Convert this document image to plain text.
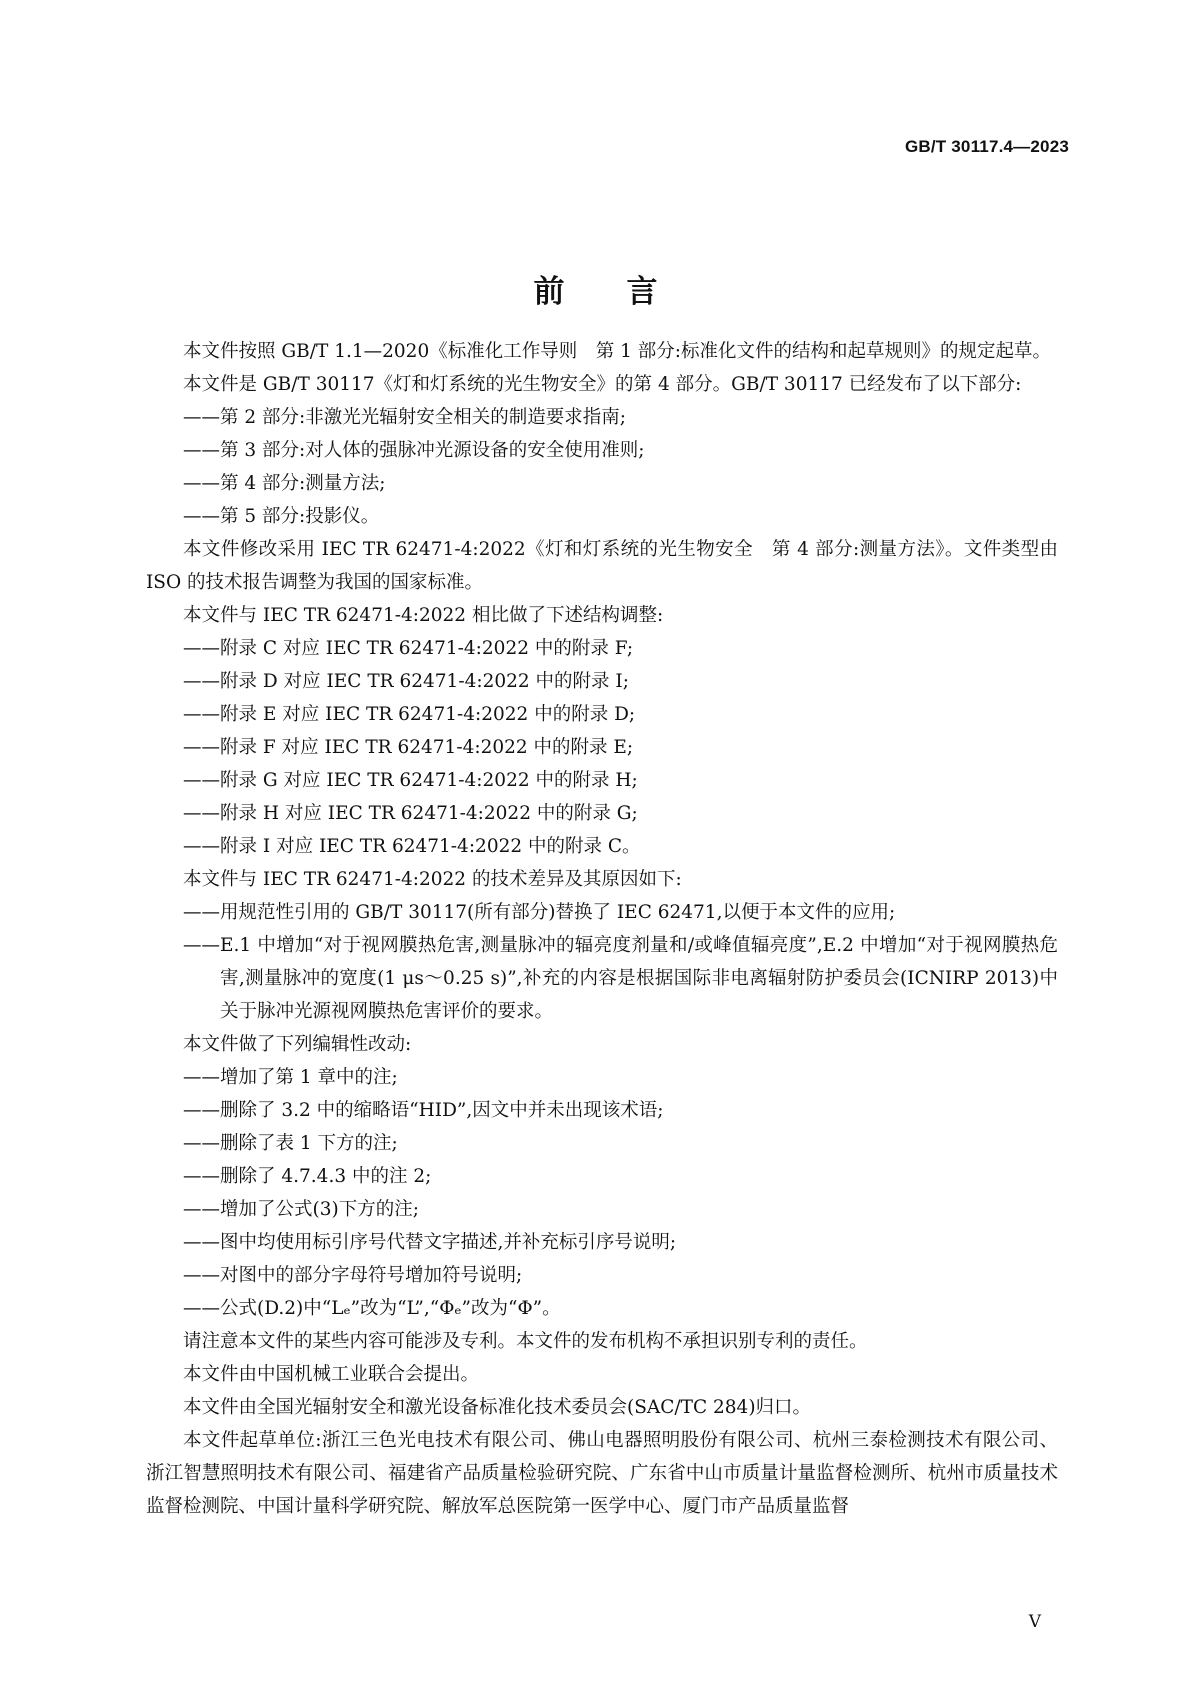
GB/T 30117.4—2023
前言

本文件按照 GB/T 1.1—2020《标准化工作导则　第 1 部分:标准化文件的结构和起草规则》的规定起草。

本文件是 GB/T 30117《灯和灯系统的光生物安全》的第 4 部分。GB/T 30117 已经发布了以下部分:

——第 2 部分:非激光光辐射安全相关的制造要求指南;

——第 3 部分:对人体的强脉冲光源设备的安全使用准则;

——第 4 部分:测量方法;

——第 5 部分:投影仪。

本文件修改采用 IEC TR 62471-4:2022《灯和灯系统的光生物安全　第 4 部分:测量方法》。文件类型由 ISO 的技术报告调整为我国的国家标准。

本文件与 IEC TR 62471-4:2022 相比做了下述结构调整:

——附录 C 对应 IEC TR 62471-4:2022 中的附录 F;

——附录 D 对应 IEC TR 62471-4:2022 中的附录 I;

——附录 E 对应 IEC TR 62471-4:2022 中的附录 D;

——附录 F 对应 IEC TR 62471-4:2022 中的附录 E;

——附录 G 对应 IEC TR 62471-4:2022 中的附录 H;

——附录 H 对应 IEC TR 62471-4:2022 中的附录 G;

——附录 I 对应 IEC TR 62471-4:2022 中的附录 C。

本文件与 IEC TR 62471-4:2022 的技术差异及其原因如下:

——用规范性引用的 GB/T 30117(所有部分)替换了 IEC 62471,以便于本文件的应用;

——E.1 中增加“对于视网膜热危害,测量脉冲的辐亮度剂量和/或峰值辐亮度”,E.2 中增加“对于视网膜热危害,测量脉冲的宽度(1 μs～0.25 s)”,补充的内容是根据国际非电离辐射防护委员会(ICNIRP 2013)中关于脉冲光源视网膜热危害评价的要求。

本文件做了下列编辑性改动:

——增加了第 1 章中的注;

——删除了 3.2 中的缩略语“HID”,因文中并未出现该术语;

——删除了表 1 下方的注;

——删除了 4.7.4.3 中的注 2;

——增加了公式(3)下方的注;

——图中均使用标引序号代替文字描述,并补充标引序号说明;

——对图中的部分字母符号增加符号说明;

——公式(D.2)中“Lₑ”改为“L”,“Φₑ”改为“Φ”。

请注意本文件的某些内容可能涉及专利。本文件的发布机构不承担识别专利的责任。

本文件由中国机械工业联合会提出。

本文件由全国光辐射安全和激光设备标准化技术委员会(SAC/TC 284)归口。

本文件起草单位:浙江三色光电技术有限公司、佛山电器照明股份有限公司、杭州三泰检测技术有限公司、浙江智慧照明技术有限公司、福建省产品质量检验研究院、广东省中山市质量计量监督检测所、杭州市质量技术监督检测院、中国计量科学研究院、解放军总医院第一医学中心、厦门市产品质量监督

V
